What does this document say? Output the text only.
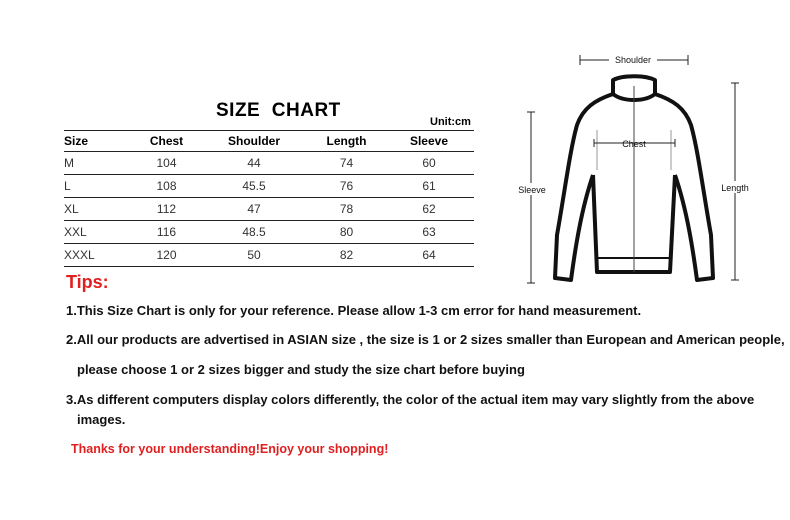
SIZE  CHART
Unit:cm
Size	Chest	Shoulder	Length	Sleeve
M	104	44	74	60
L	108	45.5	76	61
XL	112	47	78	62
XXL	116	48.5	80	63
XXXL	120	50	82	64
Shoulder
Chest
Sleeve	Length
Tips:
1.This Size Chart is only for your reference. Please allow 1-3 cm error for hand measurement.
2.All our products are advertised in ASIAN size , the size is 1 or 2 sizes smaller than European and American people,
please choose 1 or 2 sizes bigger and study the size chart before buying
3.As different computers display colors differently, the color of the actual item may vary slightly from the above
images.
Thanks for your understanding!Enjoy your shopping!
